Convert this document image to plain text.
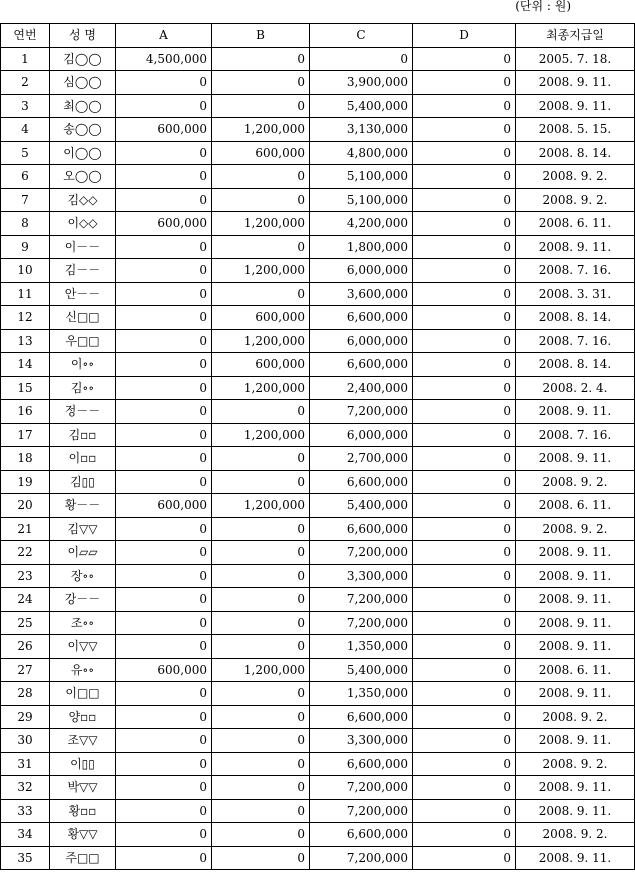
(단위 : 원)
연번	성 명	A	B	C	D	최종지급일
1	김◯◯	4,500,000	0	0	0	2005. 7. 18.
2	심◯◯	0	0	3,900,000	0	2008. 9. 11.
3	최◯◯	0	0	5,400,000	0	2008. 9. 11.
4	송◯◯	600,000	1,200,000	3,130,000	0	2008. 5. 15.
5	이◯◯	0	600,000	4,800,000	0	2008. 8. 14.
6	오◯◯	0	0	5,100,000	0	2008. 9. 2.
7	김◇◇	0	0	5,100,000	0	2008. 9. 2.
8	이◇◇	600,000	1,200,000	4,200,000	0	2008. 6. 11.
9	이－－	0	0	1,800,000	0	2008. 9. 11.
10	김－－	0	1,200,000	6,000,000	0	2008. 7. 16.
11	안－－	0	0	3,600,000	0	2008. 3. 31.
12	신□□	0	600,000	6,600,000	0	2008. 8. 14.
13	우□□	0	1,200,000	6,000,000	0	2008. 7. 16.
14	이∘∘	0	600,000	6,600,000	0	2008. 8. 14.
15	김∘∘	0	1,200,000	2,400,000	0	2008. 2. 4.
16	정－－	0	0	7,200,000	0	2008. 9. 11.
17	김▫▫	0	1,200,000	6,000,000	0	2008. 7. 16.
18	이▫▫	0	0	2,700,000	0	2008. 9. 11.
19	김▯▯	0	0	6,600,000	0	2008. 9. 2.
20	황－－	600,000	1,200,000	5,400,000	0	2008. 6. 11.
21	김▽▽	0	0	6,600,000	0	2008. 9. 2.
22	이▱▱	0	0	7,200,000	0	2008. 9. 11.
23	장∘∘	0	0	3,300,000	0	2008. 9. 11.
24	강－－	0	0	7,200,000	0	2008. 9. 11.
25	조∘∘	0	0	7,200,000	0	2008. 9. 11.
26	이▽▽	0	0	1,350,000	0	2008. 9. 11.
27	유∘∘	600,000	1,200,000	5,400,000	0	2008. 6. 11.
28	이□□	0	0	1,350,000	0	2008. 9. 11.
29	양▫▫	0	0	6,600,000	0	2008. 9. 2.
30	조▽▽	0	0	3,300,000	0	2008. 9. 11.
31	이▯▯	0	0	6,600,000	0	2008. 9. 2.
32	박▽▽	0	0	7,200,000	0	2008. 9. 11.
33	황▫▫	0	0	7,200,000	0	2008. 9. 11.
34	황▽▽	0	0	6,600,000	0	2008. 9. 2.
35	주□□	0	0	7,200,000	0	2008. 9. 11.
